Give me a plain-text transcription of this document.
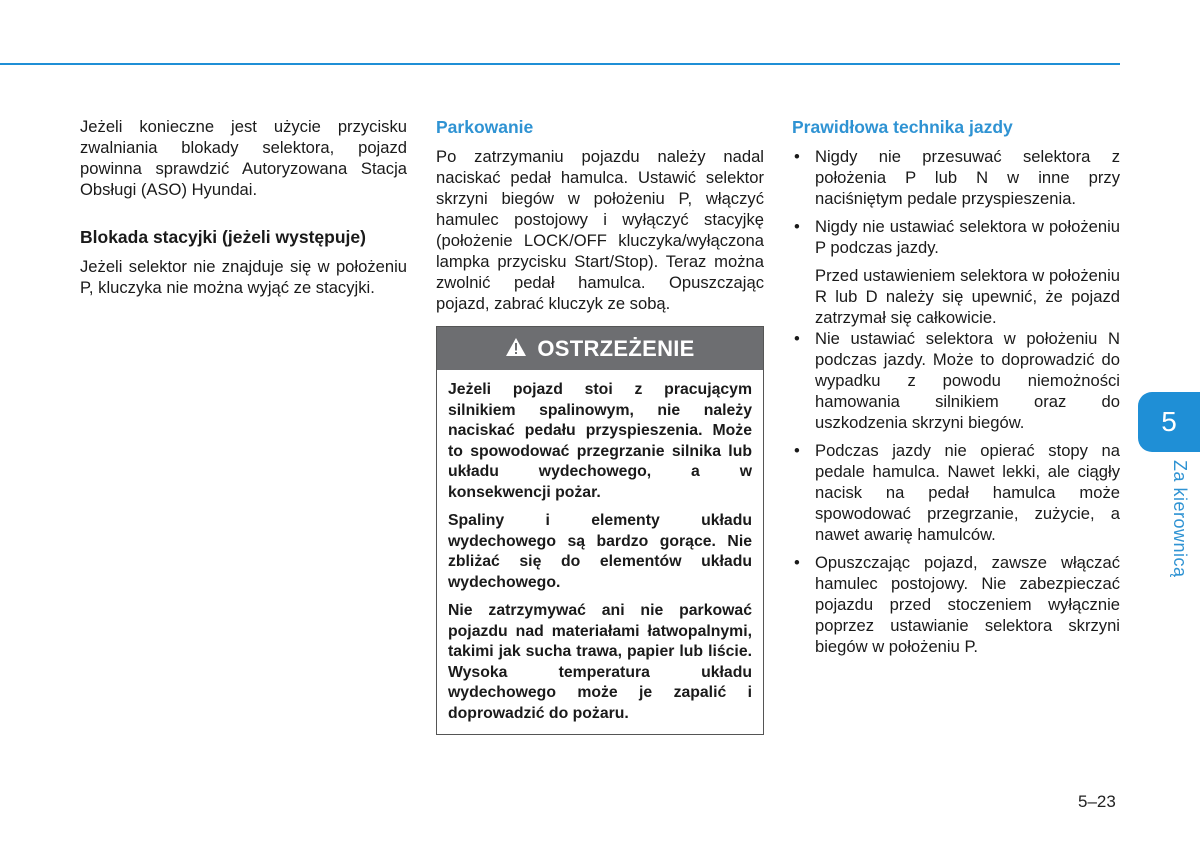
Jeżeli konieczne jest użycie przycisku zwalniania blokady selektora, pojazd powinna sprawdzić Autoryzowana Stacja Obsługi (ASO) Hyundai.

Blokada stacyjki (jeżeli występuje)

Jeżeli selektor nie znajduje się w położeniu P, kluczyka nie można wyjąć ze stacyjki.

Parkowanie

Po zatrzymaniu pojazdu należy nadal naciskać pedał hamulca. Ustawić selektor skrzyni biegów w położeniu P, włączyć hamulec postojowy i wyłączyć stacyjkę (położenie LOCK/OFF kluczyka/wyłączona lampka przycisku Start/Stop). Teraz można zwolnić pedał hamulca. Opuszczając pojazd, zabrać kluczyk ze sobą.

OSTRZEŻENIE

Jeżeli pojazd stoi z pracującym silnikiem spalinowym, nie należy naciskać pedału przyspieszenia. Może to spowodować przegrzanie silnika lub układu wydechowego, a w konsekwencji pożar.

Spaliny i elementy układu wydechowego są bardzo gorące. Nie zbliżać się do elementów układu wydechowego.

Nie zatrzymywać ani nie parkować pojazdu nad materiałami łatwopalnymi, takimi jak sucha trawa, papier lub liście. Wysoka temperatura układu wydechowego może je zapalić i doprowadzić do pożaru.

Prawidłowa technika jazdy
• Nigdy nie przesuwać selektora z położenia P lub N w inne przy naciśniętym pedale przyspieszenia.
• Nigdy nie ustawiać selektora w położeniu P podczas jazdy.

Przed ustawieniem selektora w położeniu R lub D należy się upewnić, że pojazd zatrzymał się całkowicie.

• Nie ustawiać selektora w położeniu N podczas jazdy. Może to doprowadzić do wypadku z powodu niemożności hamowania silnikiem oraz do uszkodzenia skrzyni biegów.
• Podczas jazdy nie opierać stopy na pedale hamulca. Nawet lekki, ale ciągły nacisk na pedał hamulca może spowodować przegrzanie, zużycie, a nawet awarię hamulców.
• Opuszczając pojazd, zawsze włączać hamulec postojowy. Nie zabezpieczać pojazdu przed stoczeniem wyłącznie poprzez ustawianie selektora skrzyni biegów w położeniu P.
5
Za kierownicą
5–23
